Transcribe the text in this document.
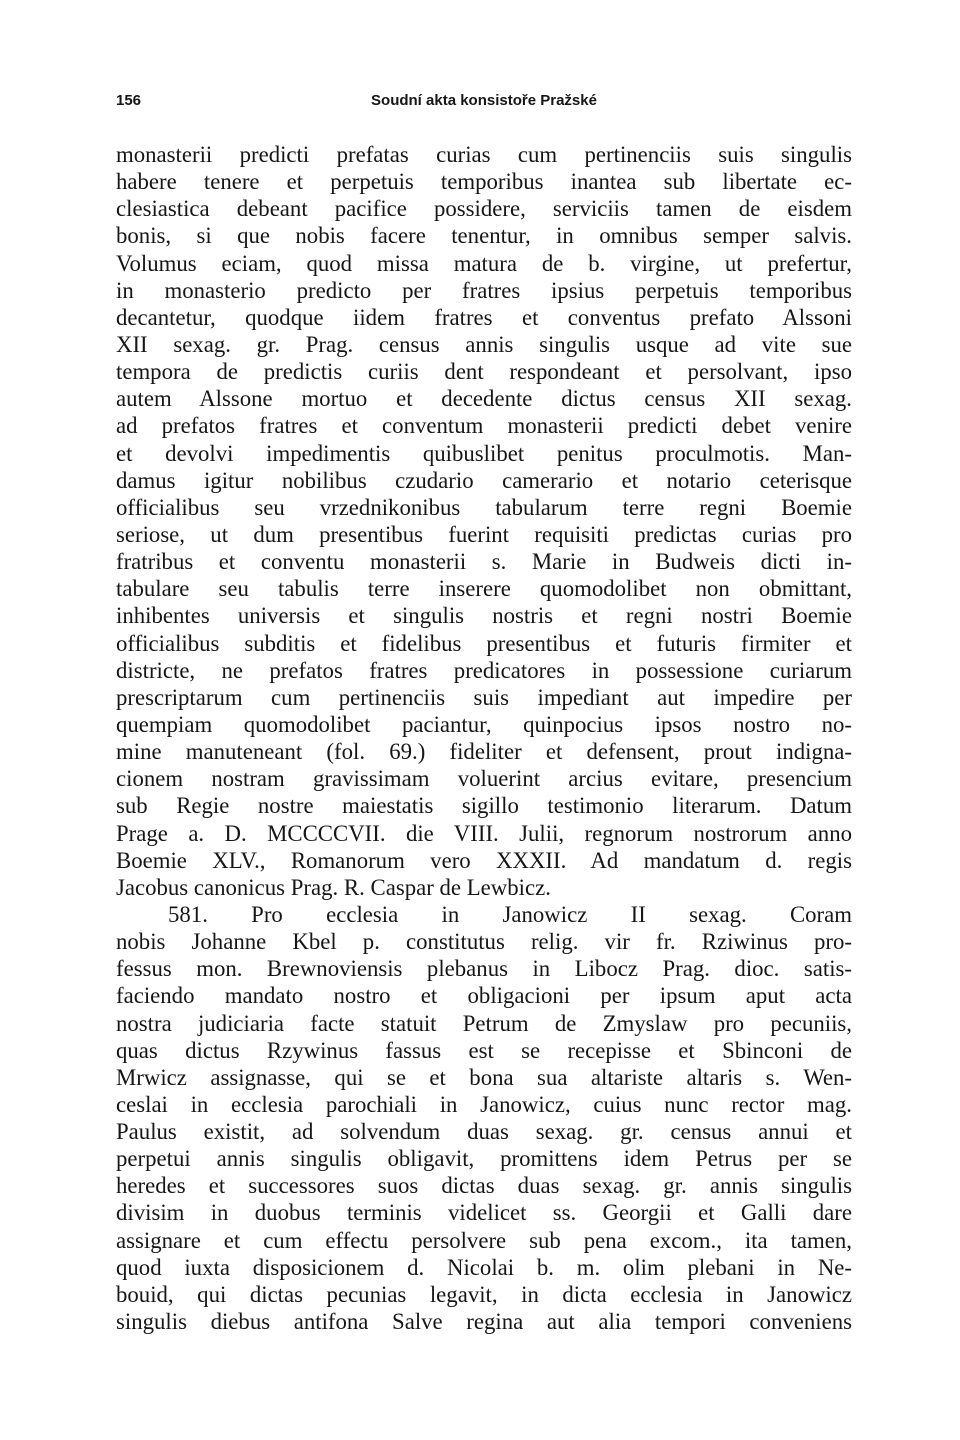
156	Soudní akta konsistoře Pražské
monasterii predicti prefatas curias cum pertinenciis suis singulis
habere tenere et perpetuis temporibus inantea sub libertate ec-
clesiastica debeant pacifice possidere, serviciis tamen de eisdem
bonis, si que nobis facere tenentur, in omnibus semper salvis.
Volumus eciam, quod missa matura de b. virgine, ut prefertur,
in monasterio predicto per fratres ipsius perpetuis temporibus
decantetur, quodque iidem fratres et conventus prefato Alssoni
XII sexag. gr. Prag. census annis singulis usque ad vite sue
tempora de predictis curiis dent respondeant et persolvant, ipso
autem Alssone mortuo et decedente dictus census XII sexag.
ad prefatos fratres et conventum monasterii predicti debet venire
et devolvi impedimentis quibuslibet penitus proculmotis. Man-
damus igitur nobilibus czudario camerario et notario ceterisque
officialibus seu vrzednikonibus tabularum terre regni Boemie
seriose, ut dum presentibus fuerint requisiti predictas curias pro
fratribus et conventu monasterii s. Marie in Budweis dicti in-
tabulare seu tabulis terre inserere quomodolibet non obmittant,
inhibentes universis et singulis nostris et regni nostri Boemie
officialibus subditis et fidelibus presentibus et futuris firmiter et
districte, ne prefatos fratres predicatores in possessione curiarum
prescriptarum cum pertinenciis suis impediant aut impedire per
quempiam quomodolibet paciantur, quinpocius ipsos nostro no-
mine manuteneant (fol. 69.) fideliter et defensent, prout indigna-
cionem nostram gravissimam voluerint arcius evitare, presencium
sub Regie nostre maiestatis sigillo testimonio literarum. Datum
Prage a. D. MCCCCVII. die VIII. Julii, regnorum nostrorum anno
Boemie XLV., Romanorum vero XXXII. Ad mandatum d. regis
Jacobus canonicus Prag. R. Caspar de Lewbicz.
581. Pro ecclesia in Janowicz II sexag. Coram
nobis Johanne Kbel p. constitutus relig. vir fr. Rziwinus pro-
fessus mon. Brewnoviensis plebanus in Libocz Prag. dioc. satis-
faciendo mandato nostro et obligacioni per ipsum aput acta
nostra judiciaria facte statuit Petrum de Zmyslaw pro pecuniis,
quas dictus Rzywinus fassus est se recepisse et Sbinconi de
Mrwicz assignasse, qui se et bona sua altariste altaris s. Wen-
ceslai in ecclesia parochiali in Janowicz, cuius nunc rector mag.
Paulus existit, ad solvendum duas sexag. gr. census annui et
perpetui annis singulis obligavit, promittens idem Petrus per se
heredes et successores suos dictas duas sexag. gr. annis singulis
divisim in duobus terminis videlicet ss. Georgii et Galli dare
assignare et cum effectu persolvere sub pena excom., ita tamen,
quod iuxta disposicionem d. Nicolai b. m. olim plebani in Ne-
bouid, qui dictas pecunias legavit, in dicta ecclesia in Janowicz
singulis diebus antifona Salve regina aut alia tempori conveniens
